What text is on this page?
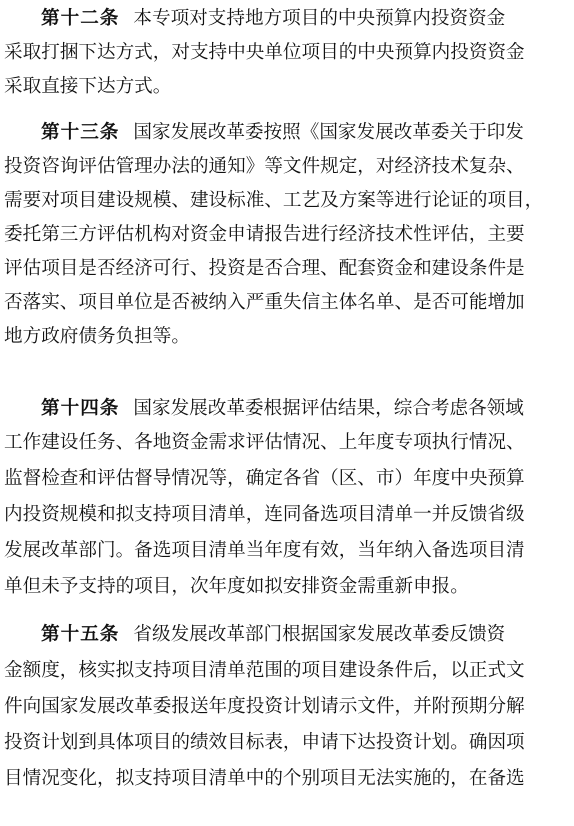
第十二条 本专项对支持地方项目的中央预算内投资资金
采取打捆下达方式，对支持中央单位项目的中央预算内投资资金
采取直接下达方式。
第十三条 国家发展改革委按照《国家发展改革委关于印发
投资咨询评估管理办法的通知》等文件规定，对经济技术复杂、
需要对项目建设规模、建设标准、工艺及方案等进行论证的项目，
委托第三方评估机构对资金申请报告进行经济技术性评估，主要
评估项目是否经济可行、投资是否合理、配套资金和建设条件是
否落实、项目单位是否被纳入严重失信主体名单、是否可能增加
地方政府债务负担等。
第十四条 国家发展改革委根据评估结果，综合考虑各领域
工作建设任务、各地资金需求评估情况、上年度专项执行情况、
监督检查和评估督导情况等，确定各省（区、市）年度中央预算
内投资规模和拟支持项目清单，连同备选项目清单一并反馈省级
发展改革部门。备选项目清单当年度有效，当年纳入备选项目清
单但未予支持的项目，次年度如拟安排资金需重新申报。
第十五条 省级发展改革部门根据国家发展改革委反馈资
金额度，核实拟支持项目清单范围的项目建设条件后，以正式文
件向国家发展改革委报送年度投资计划请示文件，并附预期分解
投资计划到具体项目的绩效目标表，申请下达投资计划。确因项
目情况变化，拟支持项目清单中的个别项目无法实施的，在备选
